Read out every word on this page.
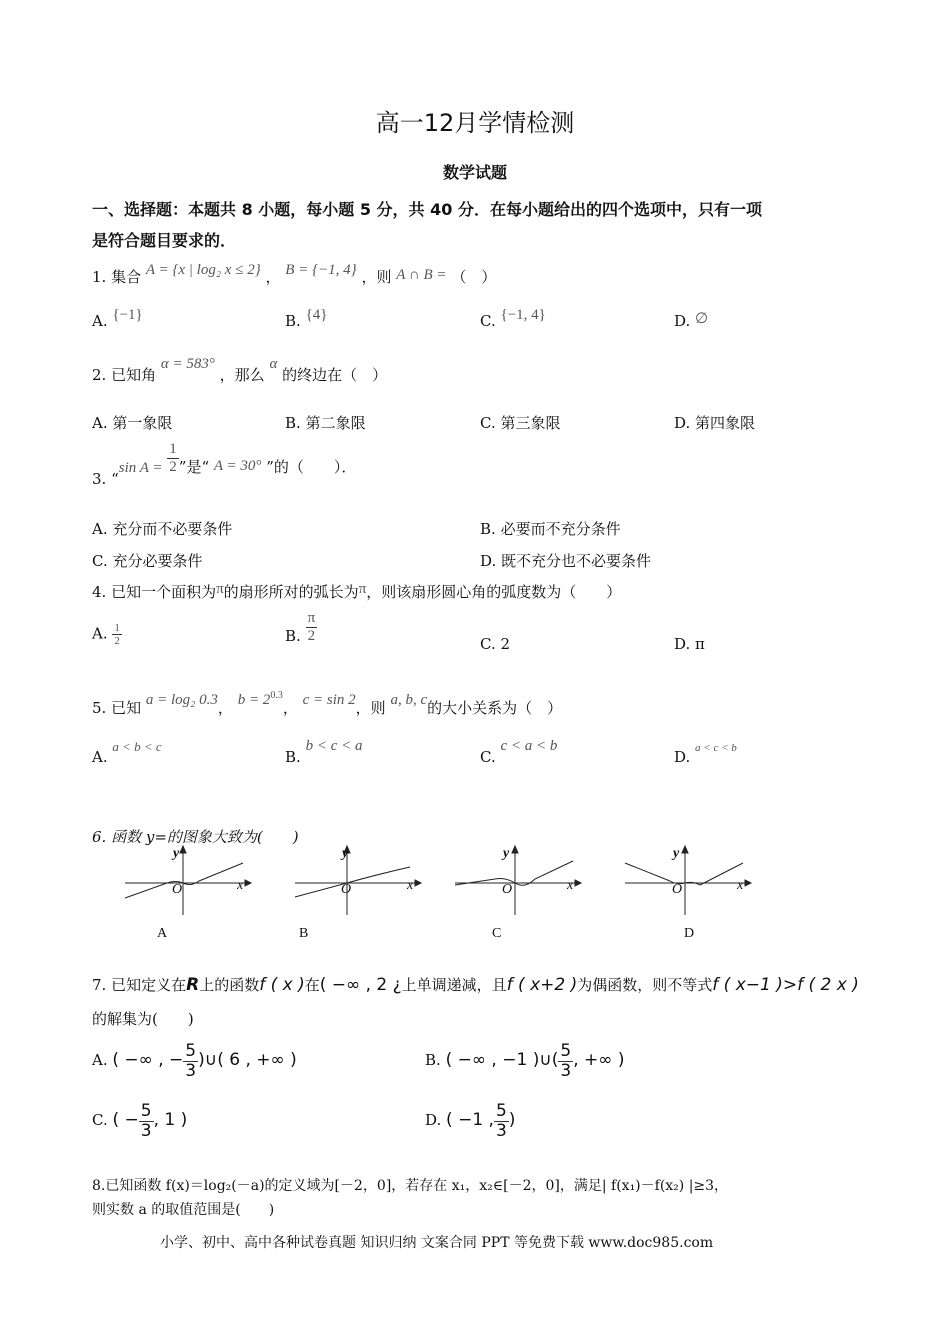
高一12月学情检测
数学试题
一、选择题：本题共 8 小题，每小题 5 分，共 40 分．在每小题给出的四个选项中，只有一项
是符合题目要求的．
1. 集合 A = {x | log₂ x ≤ 2} ， B = {−1, 4} ，则 A ∩ B = （　）
A. {−1}	B. {4}	C. {−1, 4}	D. ∅
2. 已知角 α = 583° ，那么 α 的终边在（　）
A. 第一象限	B. 第二象限	C. 第三象限	D. 第四象限
3. “sin $A = \frac{1}{2}$ ”是“ A = 30° ”的（　　）．
A. 充分而不必要条件	B. 必要而不充分条件
C. 充分必要条件	D. 既不充分也不必要条件
4. 已知一个面积为π的扇形所对的弧长为π，则该扇形圆心角的弧度数为（　　）
A. $\frac{1}{2}$	B. $\frac{\pi}{2}$	C. 2	D. π
5. 已知 a = log₂ 0.3， $b = 2^{0.3}$， c = sin 2，则 a, b, c的大小关系为（　）
A. a < b < c
B. b < c < a
C. c < a < b
D. $^{a < c < b}$
6. 函数 y=的图象大致为(　　)
y
x
O
y
x
O
y
x
O
y
x
O
A	B	C	D
7. 已知定义在R上的函数f ( x )在( −∞ , 2 ¿上单调递减，且f ( x+2 )为偶函数，则不等式f ( x−1 )>f ( 2 x )
的解集为(　　)
A. ( −∞ , − $\frac{5}{3}$ )∪( 6 , +∞ )	B. ( −∞ , −1 )∪( $\frac{5}{3}$ , +∞ )
C. ( − $\frac{5}{3}$ , 1 )	D. ( −1 , $\frac{5}{3}$ )
8.已知函数 f(x)＝log₂(－a)的定义域为[－2，0]，若存在 x₁，x₂∈[－2，0]，满足| f(x₁)－f(x₂) |≥3，
则实数 a 的取值范围是(　　)
小学、初中、高中各种试卷真题 知识归纳 文案合同 PPT 等免费下载 www.doc985.com
